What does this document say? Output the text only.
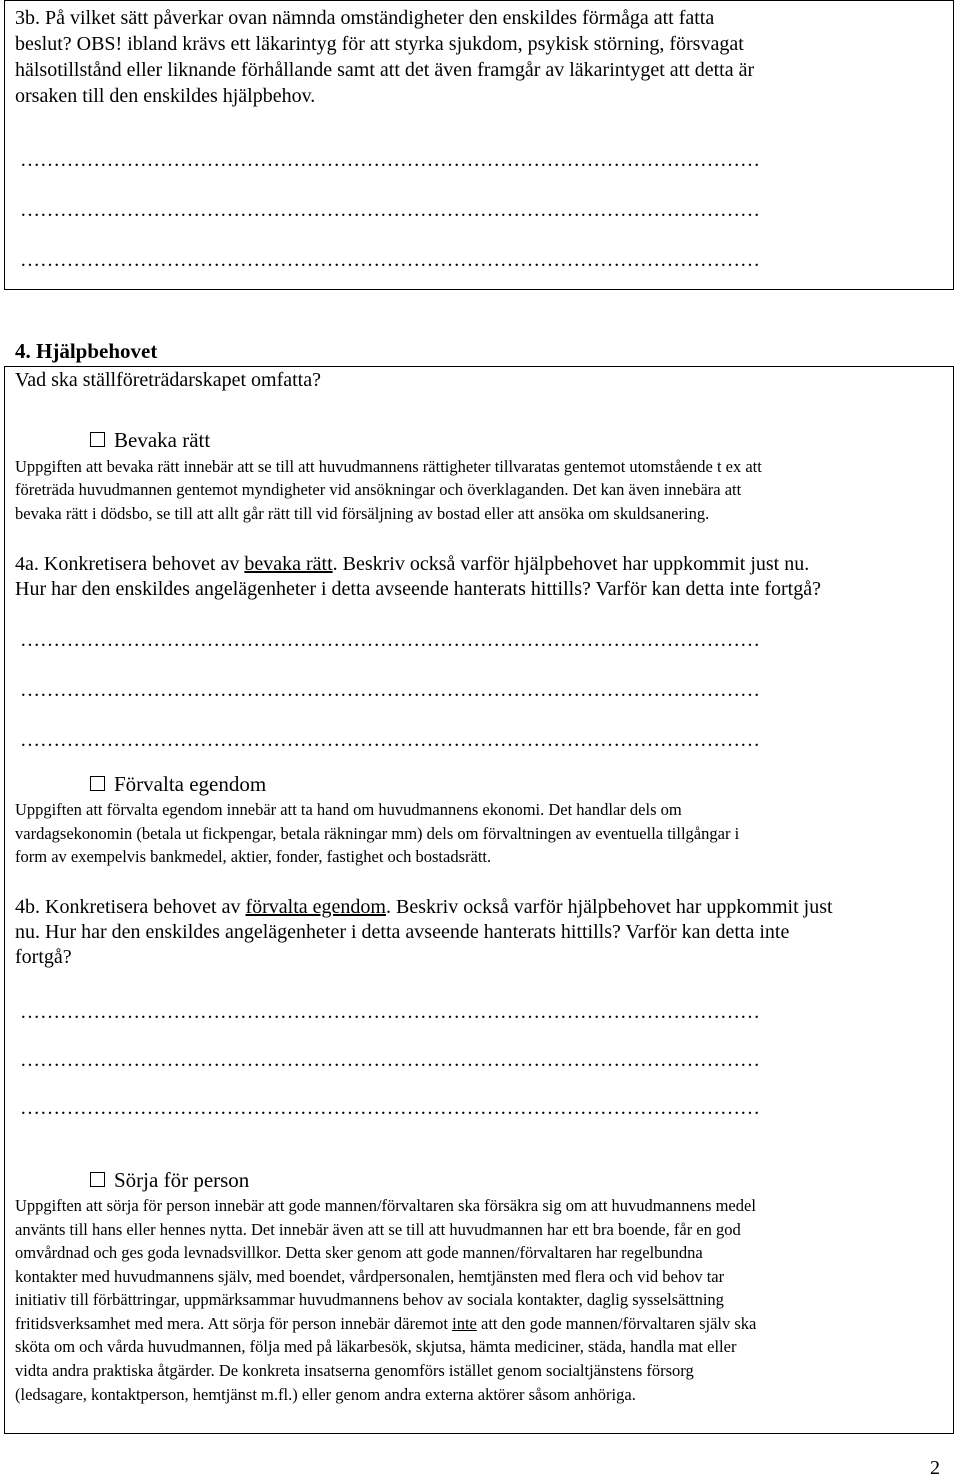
3b. På vilket sätt påverkar ovan nämnda omständigheter den enskildes förmåga att fatta

beslut? OBS! ibland krävs ett läkarintyg för att styrka sjukdom, psykisk störning, försvagat

hälsotillstånd eller liknande förhållande samt att det även framgår av läkarintyget att detta är

orsaken till den enskildes hjälpbehov.

…………………………………………………………………………………………………
…………………………………………………………………………………………………
…………………………………………………………………………………………………
4. Hjälpbehovet

Vad ska ställföreträdarskapet omfatta?

Bevaka rätt

Uppgiften att bevaka rätt innebär att se till att huvudmannens rättigheter tillvaratas gentemot utomstående t ex att

företräda huvudmannen gentemot myndigheter vid ansökningar och överklaganden. Det kan även innebära att

bevaka rätt i dödsbo, se till att allt går rätt till vid försäljning av bostad eller att ansöka om skuldsanering.

4a. Konkretisera behovet av bevaka rätt. Beskriv också varför hjälpbehovet har uppkommit just nu.

Hur har den enskildes angelägenheter i detta avseende hanterats hittills? Varför kan detta inte fortgå?

…………………………………………………………………………………………………
…………………………………………………………………………………………………
…………………………………………………………………………………………………
Förvalta egendom

Uppgiften att förvalta egendom innebär att ta hand om huvudmannens ekonomi. Det handlar dels om

vardagsekonomin (betala ut fickpengar, betala räkningar mm) dels om förvaltningen av eventuella tillgångar i

form av exempelvis bankmedel, aktier, fonder, fastighet och bostadsrätt.

4b. Konkretisera behovet av förvalta egendom. Beskriv också varför hjälpbehovet har uppkommit just

nu. Hur har den enskildes angelägenheter i detta avseende hanterats hittills? Varför kan detta inte

fortgå?

…………………………………………………………………………………………………
…………………………………………………………………………………………………
…………………………………………………………………………………………………
Sörja för person

Uppgiften att sörja för person innebär att gode mannen/förvaltaren ska försäkra sig om att huvudmannens medel

använts till hans eller hennes nytta. Det innebär även att se till att huvudmannen har ett bra boende, får en god

omvårdnad och ges goda levnadsvillkor. Detta sker genom att gode mannen/förvaltaren har regelbundna

kontakter med huvudmannens själv, med boendet, vårdpersonalen, hemtjänsten med flera och vid behov tar

initiativ till förbättringar, uppmärksammar huvudmannens behov av sociala kontakter, daglig sysselsättning

fritidsverksamhet med mera. Att sörja för person innebär däremot inte att den gode mannen/förvaltaren själv ska

sköta om och vårda huvudmannen, följa med på läkarbesök, skjutsa, hämta mediciner, städa, handla mat eller

vidta andra praktiska åtgärder. De konkreta insatserna genomförs istället genom socialtjänstens försorg

(ledsagare, kontaktperson, hemtjänst m.fl.) eller genom andra externa aktörer såsom anhöriga.

2
